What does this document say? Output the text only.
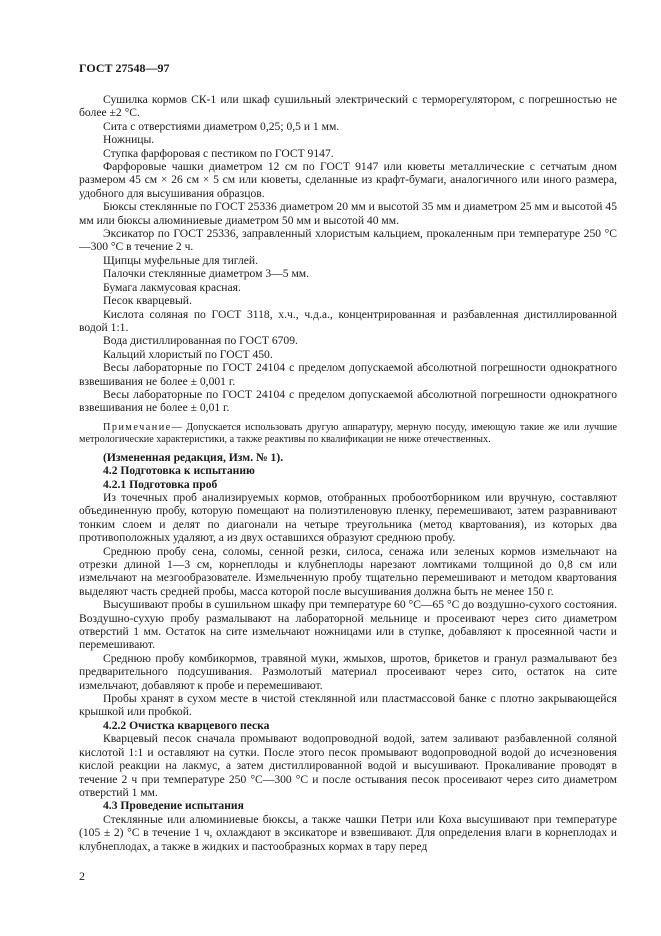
ГОСТ 27548—97

Сушилка кормов СК-1 или шкаф сушильный электрический с терморегулятором, с погрешностью не более ±2 °С.

Сита с отверстиями диаметром 0,25; 0,5 и 1 мм.

Ножницы.

Ступка фарфоровая с пестиком по ГОСТ 9147.

Фарфоровые чашки диаметром 12 см по ГОСТ 9147 или кюветы металлические с сетчатым дном размером 45 см × 26 см × 5 см или кюветы, сделанные из крафт-бумаги, аналогичного или иного размера, удобного для высушивания образцов.

Бюксы стеклянные по ГОСТ 25336 диаметром 20 мм и высотой 35 мм и диаметром 25 мм и высотой 45 мм или бюксы алюминиевые диаметром 50 мм и высотой 40 мм.

Эксикатор по ГОСТ 25336, заправленный хлористым кальцием, прокаленным при температуре 250 °С—300 °С в течение 2 ч.

Щипцы муфельные для тиглей.

Палочки стеклянные диаметром 3—5 мм.

Бумага лакмусовая красная.

Песок кварцевый.

Кислота соляная по ГОСТ 3118, х.ч., ч.д.а., концентрированная и разбавленная дистиллированной водой 1:1.

Вода дистиллированная по ГОСТ 6709.

Кальций хлористый по ГОСТ 450.

Весы лабораторные по ГОСТ 24104 с пределом допускаемой абсолютной погрешности однократного взвешивания не более ± 0,001 г.

Весы лабораторные по ГОСТ 24104 с пределом допускаемой абсолютной погрешности однократного взвешивания не более ± 0,01 г.

Примечание— Допускается использовать другую аппаратуру, мерную посуду, имеющую такие же или лучшие метрологические характеристики, а также реактивы по квалификации не ниже отечественных.

(Измененная редакция, Изм. № 1).

4.2 Подготовка к испытанию

4.2.1 Подготовка проб

Из точечных проб анализируемых кормов, отобранных пробоотборником или вручную, составляют объединенную пробу, которую помещают на полиэтиленовую пленку, перемешивают, затем разравнивают тонким слоем и делят по диагонали на четыре треугольника (метод квартования), из которых два противоположных удаляют, а из двух оставшихся образуют среднюю пробу.

Среднюю пробу сена, соломы, сенной резки, силоса, сенажа или зеленых кормов измельчают на отрезки длиной 1—3 см, корнеплоды и клубнеплоды нарезают ломтиками толщиной до 0,8 см или измельчают на мезгообразователе. Измельченную пробу тщательно перемешивают и методом квартования выделяют часть средней пробы, масса которой после высушивания должна быть не менее 150 г.

Высушивают пробы в сушильном шкафу при температуре 60 °С—65 °С до воздушно-сухого состояния. Воздушно-сухую пробу размалывают на лабораторной мельнице и просеивают через сито диаметром отверстий 1 мм. Остаток на сите измельчают ножницами или в ступке, добавляют к просеянной части и перемешивают.

Среднюю пробу комбикормов, травяной муки, жмыхов, шротов, брикетов и гранул размалывают без предварительного подсушивания. Размолотый материал просеивают через сито, остаток на сите измельчают, добавляют к пробе и перемешивают.

Пробы хранят в сухом месте в чистой стеклянной или пластмассовой банке с плотно закрывающейся крышкой или пробкой.

4.2.2 Очистка кварцевого песка

Кварцевый песок сначала промывают водопроводной водой, затем заливают разбавленной соляной кислотой 1:1 и оставляют на сутки. После этого песок промывают водопроводной водой до исчезновения кислой реакции на лакмус, а затем дистиллированной водой и высушивают. Прокаливание проводят в течение 2 ч при температуре 250 °С—300 °С и после остывания песок просеивают через сито диаметром отверстий 1 мм.

4.3 Проведение испытания

Стеклянные или алюминиевые бюксы, а также чашки Петри или Коха высушивают при температуре (105 ± 2) °С в течение 1 ч, охлаждают в эксикаторе и взвешивают. Для определения влаги в корнеплодах и клубнеплодах, а также в жидких и пастообразных кормах в тару перед

2
